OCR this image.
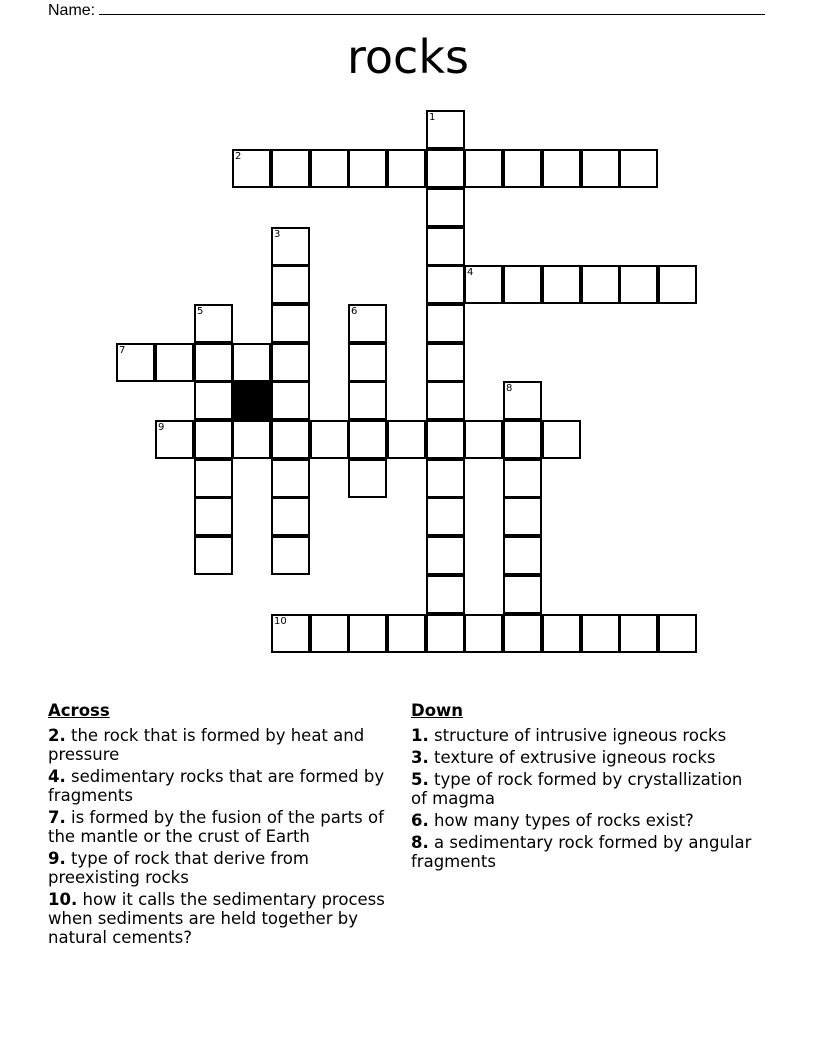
Name:
rocks
1
2
3
4
5	6
7
8
9
10
Across
2. the rock that is formed by heat and pressure
4. sedimentary rocks that are formed by fragments
7. is formed by the fusion of the parts of the mantle or the crust of Earth
9. type of rock that derive from preexisting rocks
10. how it calls the sedimentary process when sediments are held together by natural cements?
Down
1. structure of intrusive igneous rocks
3. texture of extrusive igneous rocks
5. type of rock formed by crystallization of magma
6. how many types of rocks exist?
8. a sedimentary rock formed by angular fragments
